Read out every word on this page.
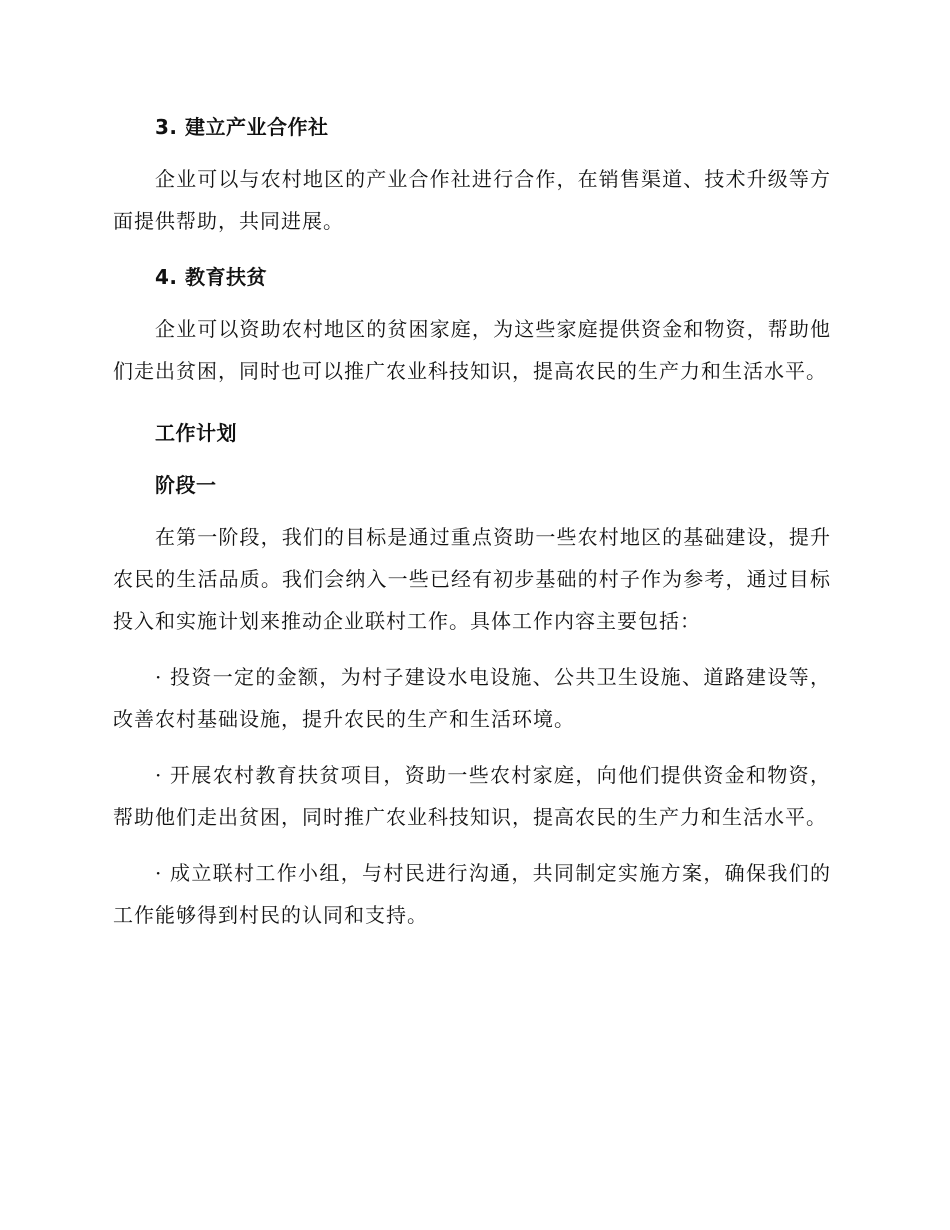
3. 建立产业合作社

企业可以与农村地区的产业合作社进行合作，在销售渠道、技术升级等方面提供帮助，共同进展。

4. 教育扶贫

企业可以资助农村地区的贫困家庭，为这些家庭提供资金和物资，帮助他们走出贫困，同时也可以推广农业科技知识，提高农民的生产力和生活水平。

工作计划
阶段一

在第一阶段，我们的目标是通过重点资助一些农村地区的基础建设，提升农民的生活品质。我们会纳入一些已经有初步基础的村子作为参考，通过目标投入和实施计划来推动企业联村工作。具体工作内容主要包括：

· 投资一定的金额，为村子建设水电设施、公共卫生设施、道路建设等，改善农村基础设施，提升农民的生产和生活环境。

· 开展农村教育扶贫项目，资助一些农村家庭，向他们提供资金和物资，帮助他们走出贫困，同时推广农业科技知识，提高农民的生产力和生活水平。

· 成立联村工作小组，与村民进行沟通，共同制定实施方案，确保我们的工作能够得到村民的认同和支持。
